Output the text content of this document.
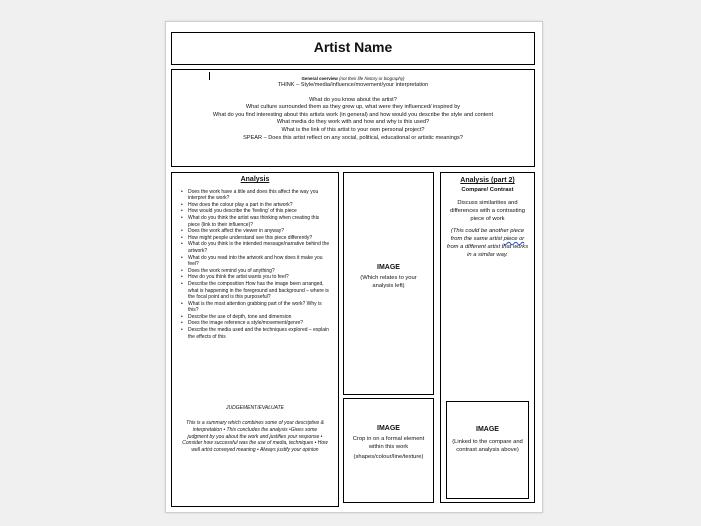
Artist Name
General overview (not their life history or biography)
THINK – Style/media/influence/movement/your interpretation
What do you know about the artist?
What culture surrounded them as they grew up, what were they influenced/ inspired by
What do you find interesting about this artists work (in general) and how would you describe the style and content
What media do they work with and how and why is this used?
What is the link of this artist to your own personal project?
SPEAR – Does this artist reflect on any social, political, educational or artistic meanings?
Analysis
• Does the work have a title and does this affect the way you interpret the work?
• How does the colour play a part in the artwork?
• How would you describe the ‘feeling’ of this piece
• What do you think the artist was thinking when creating this piece (link to their influence)?
• Does the work affect the viewer in anyway?
• How might people understand see this piece differently?
• What do you think is the intended message/narrative behind the artwork?
• What do you read into the artwork and how does it make you feel?
• Does the work remind you of anything?
• How do you think the artist wants you to feel?
• Describe the composition How has the image been arranged, what is happening in the foreground and background – where is the focal point and is this purposeful?
• What is the most attention grabbing part of the work? Why is this?
• Describe the use of depth, tone and dimension
• Does the image reference a style/movement/genre?
• Describe the media used and the techniques explored – explain the effects of this
JUDGEMENT/EVALUATE
This is a summary which combines some of your descriptive & interpretation • This concludes the analysis •Gives some judgment by you about the work and justifies your response • Consider how successful was the use of media, techniques • How well artist conveyed meaning • Always justify your opinion
IMAGE
(Which relates to your analysis left)
Analysis (part 2)
Compare/ Contrast
Discuss similarities and differences with a contrasting piece of work
(This could be another piece from the same artist piece or from a different artist that works in a similar way.
IMAGE
Crop in on a formal element within this work
(shapes/colour/line/texture)
IMAGE
(Linked to the compare and contrast analysis above)
